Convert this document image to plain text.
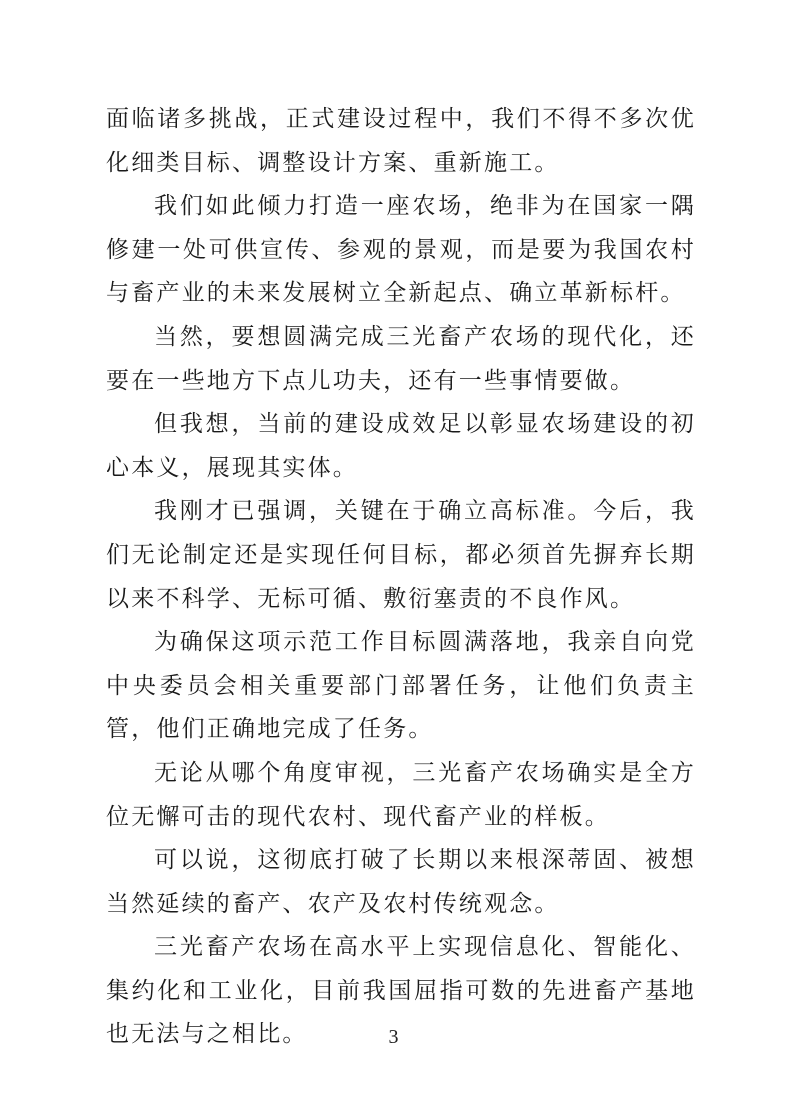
面临诸多挑战，正式建设过程中，我们不得不多次优化细类目标、调整设计方案、重新施工。

我们如此倾力打造一座农场，绝非为在国家一隅修建一处可供宣传、参观的景观，而是要为我国农村与畜产业的未来发展树立全新起点、确立革新标杆。

当然，要想圆满完成三光畜产农场的现代化，还要在一些地方下点儿功夫，还有一些事情要做。

但我想，当前的建设成效足以彰显农场建设的初心本义，展现其实体。

我刚才已强调，关键在于确立高标准。今后，我们无论制定还是实现任何目标，都必须首先摒弃长期以来不科学、无标可循、敷衍塞责的不良作风。

为确保这项示范工作目标圆满落地，我亲自向党中央委员会相关重要部门部署任务，让他们负责主管，他们正确地完成了任务。

无论从哪个角度审视，三光畜产农场确实是全方位无懈可击的现代农村、现代畜产业的样板。

可以说，这彻底打破了长期以来根深蒂固、被想当然延续的畜产、农产及农村传统观念。

三光畜产农场在高水平上实现信息化、智能化、集约化和工业化，目前我国屈指可数的先进畜产基地也无法与之相比。	3
